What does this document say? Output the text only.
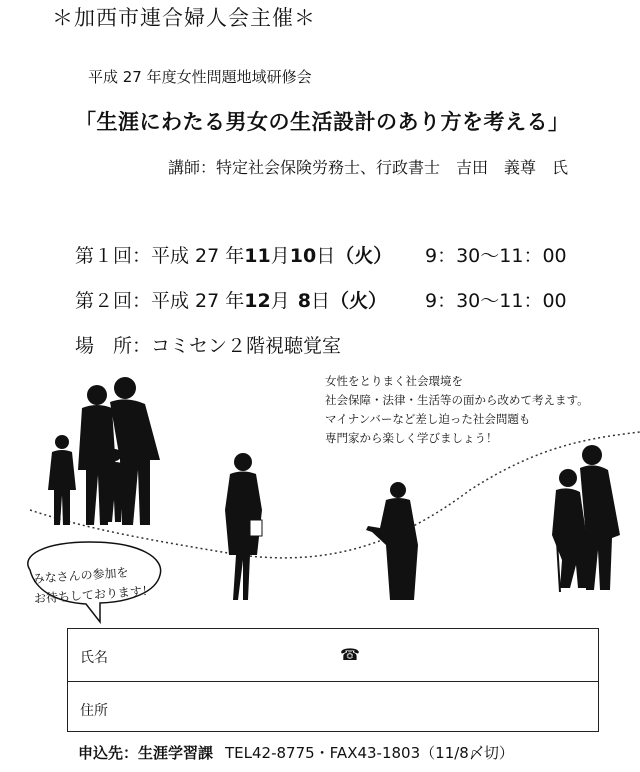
＊加西市連合婦人会主催＊
平成 27 年度女性問題地域研修会
「生涯にわたる男女の生活設計のあり方を考える」
講師：特定社会保険労務士、行政書士　吉田　義尊　氏
第１回：平成 27 年11月10日（火） 9：30～11：00
第２回：平成 27 年12月 8日（火） 9：30～11：00
場　所：コミセン２階視聴覚室
女性をとりまく社会環境を
社会保障・法律・生活等の面から改めて考えます。
マイナンバーなど差し迫った社会問題も
専門家から楽しく学びましょう！
みなさんの参加を
お待ちしております！
氏名	☎
住所
申込先：生涯学習課 TEL42-8775・FAX43-1803（11/8〆切）
